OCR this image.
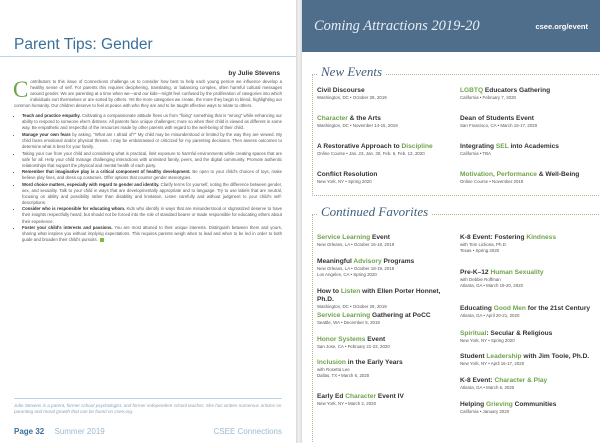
Parent Tips: Gender
by Julie Stevens
Contributors to this issue of Connections challenge us to consider how best to help each young person we influence develop a healthy sense of self. For parents this requires deciphering, translating, or balancing complex, often harmful cultural messages around gender. We are parenting at a time when we—and our kids—might feel confused by the proliferation of categories into which individuals sort themselves or are sorted by others. Yet the more categories we create, the more they begin to blend, highlighting our common humanity. Our children deserve to feel at peace with who they are and to be taught effective ways to relate to others.
• Teach and practice empathy. Cultivating a compassionate attitude frees us from "fixing" something that is "wrong" while enhancing our ability to respond to someone else's distress. All parents face unique challenges; more so when their child is viewed as different in some way. Be empathetic and respectful of the resources made by other parents with regard to the well-being of their child.
• Manage your own fears by asking, "What am I afraid of?" My child may be misunderstood or limited by the way they are viewed. My child faces emotional and/or physical threats. I may be embarrassed or criticized for my parenting decisions. Then assess outcomes to determine what is best for your family.
• Taking your cue from your child and considering what is practical, limit exposure to harmful environments while creating spaces that are safe for all. Help your child manage challenging interactions with uninvited family, peers, and the digital community. Promote authentic relationships that support the physical and mental health of each party.
• Remember that imaginative play is a critical component of healthy development. Be open to your child's choices of toys, make believe play lines, and dress up costumes. Offer options that counter gender stereotypes.
• Word choice matters, especially with regard to gender and identity. Clarify terms for yourself, noting the difference between gender, sex, and sexuality. Talk to your child in ways that are developmentally appropriate and to language. Try to use labels that are neutral, focusing on ability and possibility rather than disability and limitation. Listen carefully and without judgment to your child's self-descriptions.
• Consider who is responsible for educating whom. Kids who identify in ways that are misunderstood or stigmatized deserve to have their insights respectfully heard, but should not be forced into the role of standard bearer or made responsible for educating others about their experience.
• Foster your child's interests and passions. You are most attuned to their unique interests. Distinguish between them and yours, sharing what inspires you without implying expectations. This requires parents weigh when to lead and when to be led in order to both guide and broaden their child's pursuits.
Julie Stevens is a parent, former school psychologist, and former independent school teacher. She has written numerous articles on parenting and moral growth that can be found on csee.org.
Page 32 Summer 2019	CSEE Connections
Coming Attractions 2019-20	csee.org/event
New Events
Continued Favorites
Civil Discourse
Washington, DC • October 28, 2019
LGBTQ Educators Gathering
California • February 7, 2020
Character & the Arts
Washington, DC • November 14-15, 2019
Dean of Students Event
San Francisco, CA • March 16-17, 2020
A Restorative Approach to Discipline
Online Course • Jan. 23, Jan. 30, Feb. 6, Feb. 13, 2020
Integrating SEL into Academics
California • TBA
Conflict Resolution
New York, NY • Spring 2020
Motivation, Performance & Well-Being
Online Course • November 2019
Service Learning Event
New Orleans, LA • October 16-18, 2019
Meaningful Advisory Programs
New Orleans, LA • October 18-19, 2019
Los Angeles, CA • Spring 2020
How to Listen with Ellen Porter Honnet, Ph.D.
Washington, DC • October 29, 2019
Service Learning Gathering at PoCC
Seattle, WA • December 5, 2019
Honor Systems Event
San Jose, CA • February 21-23, 2020
Inclusion in the Early Years
with Rosetta Lee
Dallas, TX • March 6, 2020
Early Ed Character Event IV
New York, NY • March 2, 2020
K-8 Event: Fostering Kindness
with Tom Lickona, Ph.D.
Texas • Spring 2020
Pre-K–12 Human Sexuality
with Debbie Roffman
Atlanta, GA • March 19-20, 2020
Educating Good Men for the 21st Century
Atlanta, GA • April 20-21, 2020
Spiritual: Secular & Religious
New York, NY • Spring 2020
Student Leadership with Jim Toole, Ph.D.
New York, NY • April 16-17, 2020
K-8 Event: Character & Play
Atlanta, GA • March 6, 2020
Helping Grieving Communities
California • January 2020
